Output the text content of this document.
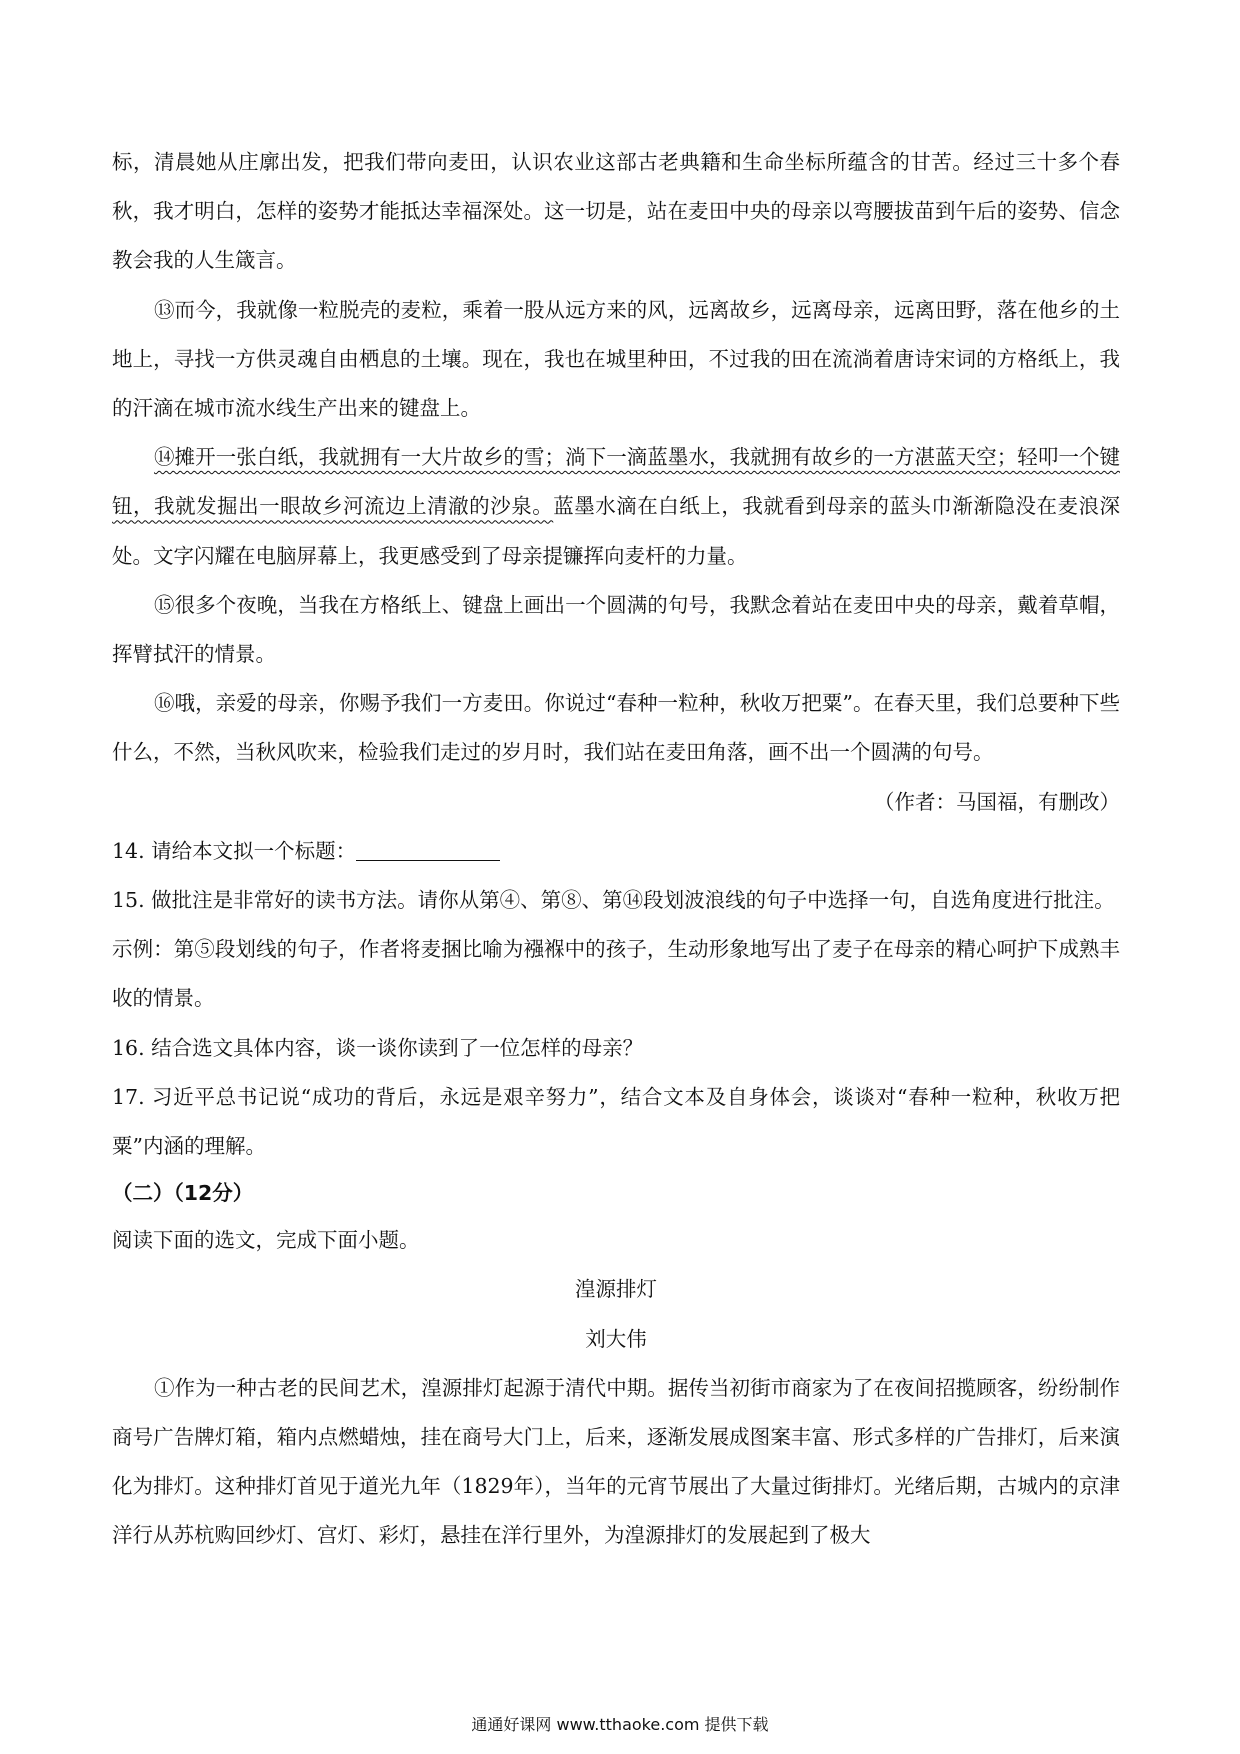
标，清晨她从庄廓出发，把我们带向麦田，认识农业这部古老典籍和生命坐标所蕴含的甘苦。经过三十多个春秋，我才明白，怎样的姿势才能抵达幸福深处。这一切是，站在麦田中央的母亲以弯腰拔苗到午后的姿势、信念教会我的人生箴言。

⑬而今，我就像一粒脱壳的麦粒，乘着一股从远方来的风，远离故乡，远离母亲，远离田野，落在他乡的土地上，寻找一方供灵魂自由栖息的土壤。现在，我也在城里种田，不过我的田在流淌着唐诗宋词的方格纸上，我的汗滴在城市流水线生产出来的键盘上。

⑭摊开一张白纸，我就拥有一大片故乡的雪；淌下一滴蓝墨水，我就拥有故乡的一方湛蓝天空；轻叩一个键钮，我就发掘出一眼故乡河流边上清澈的沙泉。蓝墨水滴在白纸上，我就看到母亲的蓝头巾渐渐隐没在麦浪深处。文字闪耀在电脑屏幕上，我更感受到了母亲提镰挥向麦杆的力量。

⑮很多个夜晚，当我在方格纸上、键盘上画出一个圆满的句号，我默念着站在麦田中央的母亲，戴着草帽，挥臂拭汗的情景。

⑯哦，亲爱的母亲，你赐予我们一方麦田。你说过“春种一粒种，秋收万把粟”。在春天里，我们总要种下些什么，不然，当秋风吹来，检验我们走过的岁月时，我们站在麦田角落，画不出一个圆满的句号。

（作者：马国福，有删改）

14. 请给本文拟一个标题：

15. 做批注是非常好的读书方法。请你从第④、第⑧、第⑭段划波浪线的句子中选择一句，自选角度进行批注。

示例：第⑤段划线的句子，作者将麦捆比喻为襁褓中的孩子，生动形象地写出了麦子在母亲的精心呵护下成熟丰收的情景。

16. 结合选文具体内容，谈一谈你读到了一位怎样的母亲？

17. 习近平总书记说“成功的背后，永远是艰辛努力”，结合文本及自身体会，谈谈对“春种一粒种，秋收万把粟”内涵的理解。

（二）（12分）

阅读下面的选文，完成下面小题。

湟源排灯

刘大伟

①作为一种古老的民间艺术，湟源排灯起源于清代中期。据传当初街市商家为了在夜间招揽顾客，纷纷制作商号广告牌灯箱，箱内点燃蜡烛，挂在商号大门上，后来，逐渐发展成图案丰富、形式多样的广告排灯，后来演化为排灯。这种排灯首见于道光九年（1829年），当年的元宵节展出了大量过街排灯。光绪后期，古城内的京津洋行从苏杭购回纱灯、宫灯、彩灯，悬挂在洋行里外，为湟源排灯的发展起到了极大

通通好课网 www.tthaoke.com 提供下载
